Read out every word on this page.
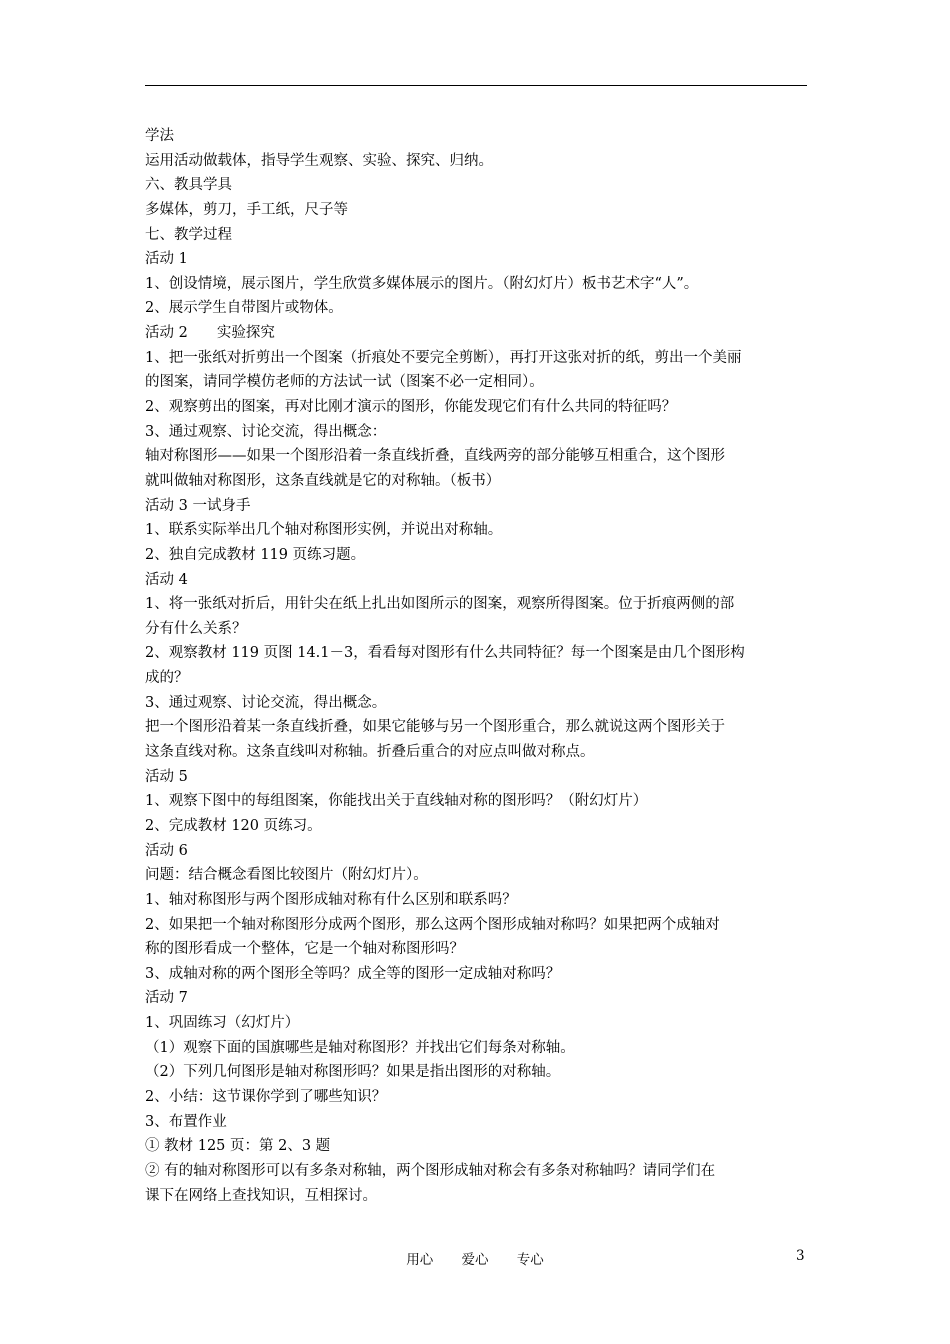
学法
运用活动做载体，指导学生观察、实验、探究、归纳。
六、教具学具
多媒体，剪刀，手工纸，尺子等
七、教学过程
活动 1
1、创设情境，展示图片，学生欣赏多媒体展示的图片。（附幻灯片）板书艺术字“人”。
2、展示学生自带图片或物体。
活动 2　　实验探究
1、把一张纸对折剪出一个图案（折痕处不要完全剪断），再打开这张对折的纸，剪出一个美丽
的图案，请同学模仿老师的方法试一试（图案不必一定相同）。
2、观察剪出的图案，再对比刚才演示的图形，你能发现它们有什么共同的特征吗？
3、通过观察、讨论交流，得出概念：
轴对称图形——如果一个图形沿着一条直线折叠，直线两旁的部分能够互相重合，这个图形
就叫做轴对称图形，这条直线就是它的对称轴。（板书）
活动 3 一试身手
1、联系实际举出几个轴对称图形实例，并说出对称轴。
2、独自完成教材 119 页练习题。
活动 4
1、将一张纸对折后，用针尖在纸上扎出如图所示的图案，观察所得图案。位于折痕两侧的部
分有什么关系？
2、观察教材 119 页图 14.1－3，看看每对图形有什么共同特征？每一个图案是由几个图形构
成的？
3、通过观察、讨论交流，得出概念。
把一个图形沿着某一条直线折叠，如果它能够与另一个图形重合，那么就说这两个图形关于
这条直线对称。这条直线叫对称轴。折叠后重合的对应点叫做对称点。
活动 5
1、观察下图中的每组图案，你能找出关于直线轴对称的图形吗？（附幻灯片）
2、完成教材 120 页练习。
活动 6
问题：结合概念看图比较图片（附幻灯片）。
1、轴对称图形与两个图形成轴对称有什么区别和联系吗？
2、如果把一个轴对称图形分成两个图形，那么这两个图形成轴对称吗？如果把两个成轴对
称的图形看成一个整体，它是一个轴对称图形吗？
3、成轴对称的两个图形全等吗？成全等的图形一定成轴对称吗？
活动 7
1、巩固练习（幻灯片）
（1）观察下面的国旗哪些是轴对称图形？并找出它们每条对称轴。
（2）下列几何图形是轴对称图形吗？如果是指出图形的对称轴。
2、小结：这节课你学到了哪些知识？
3、布置作业
① 教材 125 页：第 2、3 题
② 有的轴对称图形可以有多条对称轴，两个图形成轴对称会有多条对称轴吗？请同学们在
课下在网络上查找知识，互相探讨。
用心 爱心 专心	3
